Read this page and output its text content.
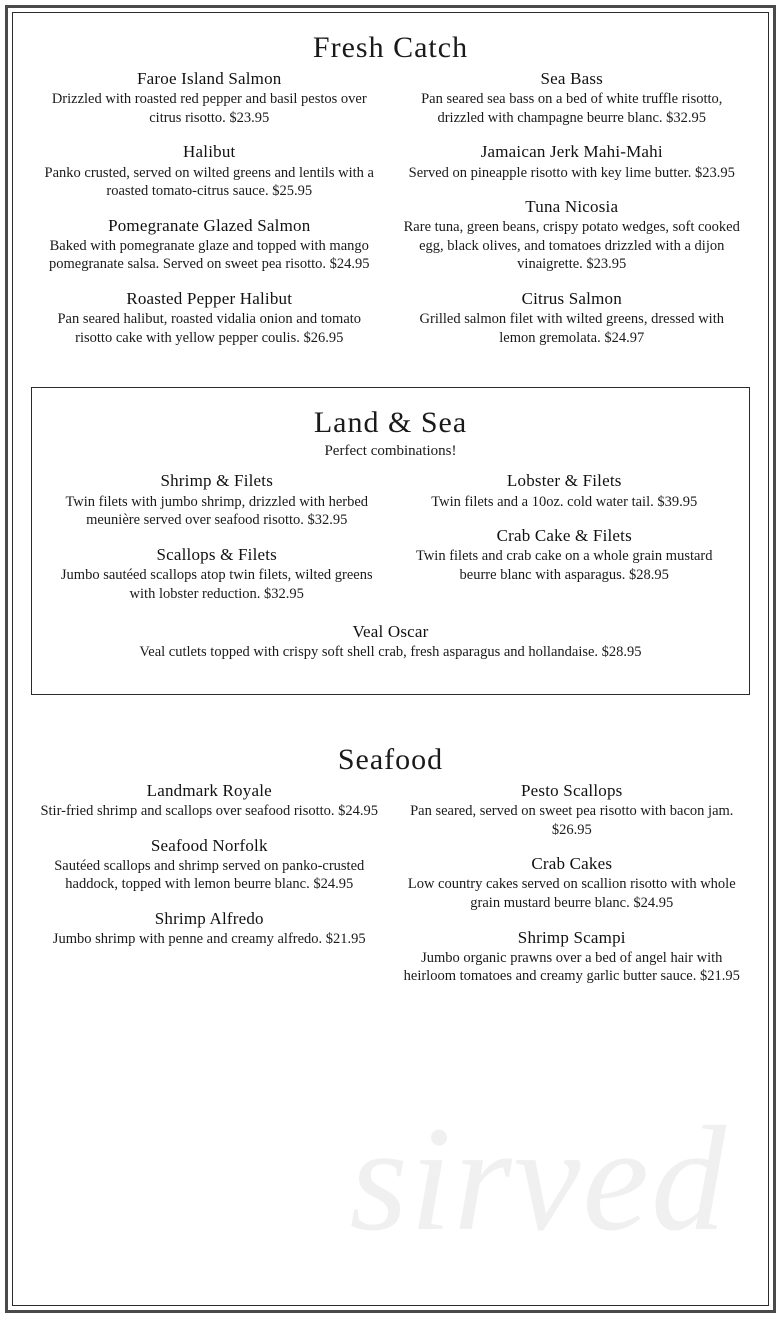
sirved
Fresh Catch
Faroe Island Salmon
Drizzled with roasted red pepper and basil pestos over citrus risotto. $23.95
Halibut
Panko crusted, served on wilted greens and lentils with a roasted tomato-citrus sauce. $25.95
Pomegranate Glazed Salmon
Baked with pomegranate glaze and topped with mango pomegranate salsa. Served on sweet pea risotto. $24.95
Roasted Pepper Halibut
Pan seared halibut, roasted vidalia onion and tomato risotto cake with yellow pepper coulis. $26.95
Sea Bass
Pan seared sea bass on a bed of white truffle risotto, drizzled with champagne beurre blanc. $32.95
Jamaican Jerk Mahi-Mahi
Served on pineapple risotto with key lime butter. $23.95
Tuna Nicosia
Rare tuna, green beans, crispy potato wedges, soft cooked egg, black olives, and tomatoes drizzled with a dijon vinaigrette. $23.95
Citrus Salmon
Grilled salmon filet with wilted greens, dressed with lemon gremolata. $24.97
Land & Sea
Perfect combinations!
Shrimp & Filets
Twin filets with jumbo shrimp, drizzled with herbed meunière served over seafood risotto. $32.95
Scallops & Filets
Jumbo sautéed scallops atop twin filets, wilted greens with lobster reduction. $32.95
Lobster & Filets
Twin filets and a 10oz. cold water tail. $39.95
Crab Cake & Filets
Twin filets and crab cake on a whole grain mustard beurre blanc with asparagus. $28.95
Veal Oscar
Veal cutlets topped with crispy soft shell crab, fresh asparagus and hollandaise. $28.95
Seafood
Landmark Royale
Stir-fried shrimp and scallops over seafood risotto. $24.95
Seafood Norfolk
Sautéed scallops and shrimp served on panko-crusted haddock, topped with lemon beurre blanc. $24.95
Shrimp Alfredo
Jumbo shrimp with penne and creamy alfredo. $21.95
Pesto Scallops
Pan seared, served on sweet pea risotto with bacon jam. $26.95
Crab Cakes
Low country cakes served on scallion risotto with whole grain mustard beurre blanc. $24.95
Shrimp Scampi
Jumbo organic prawns over a bed of angel hair with heirloom tomatoes and creamy garlic butter sauce. $21.95
